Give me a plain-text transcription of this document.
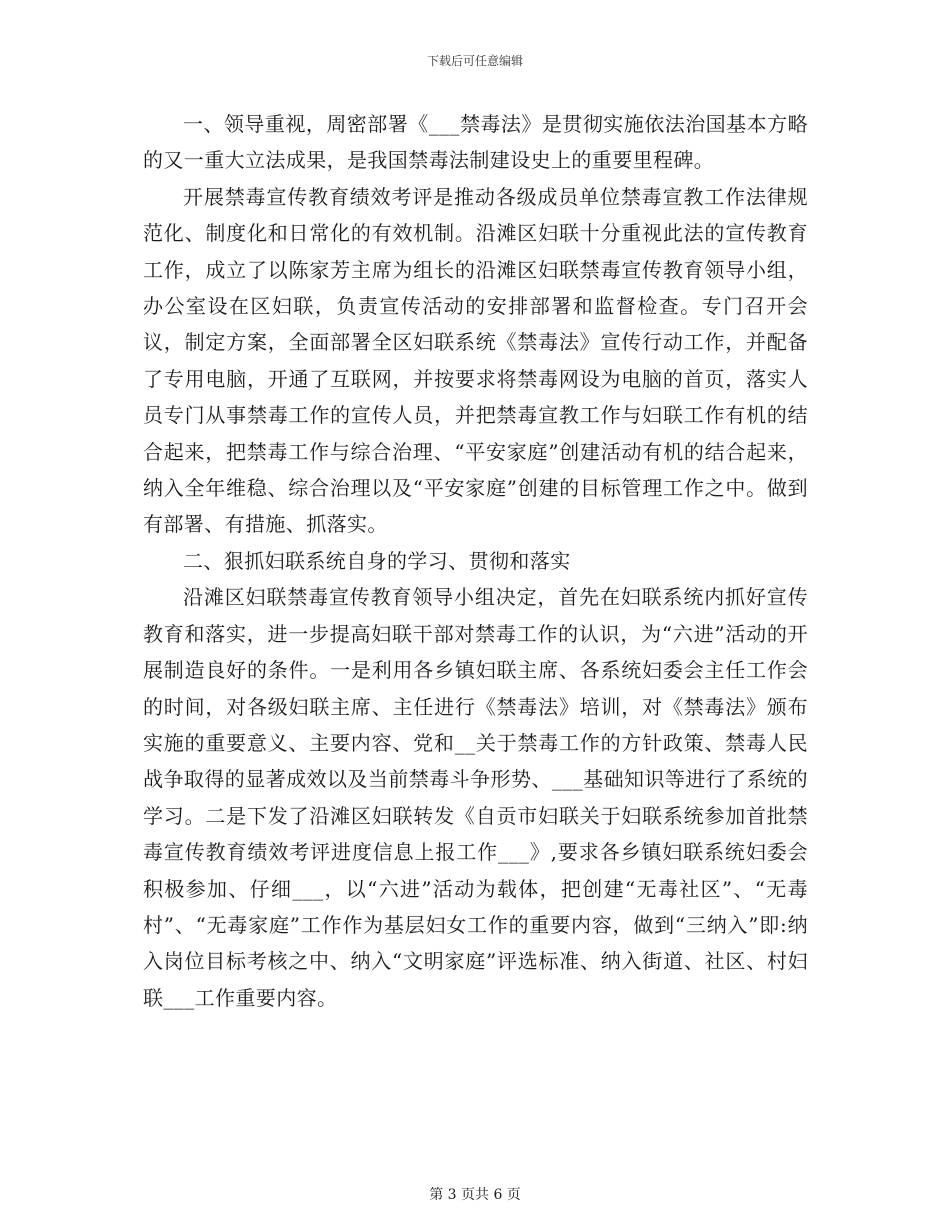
下载后可任意编辑

一、领导重视，周密部署《___禁毒法》是贯彻实施依法治国基本方略的又一重大立法成果，是我国禁毒法制建设史上的重要里程碑。

开展禁毒宣传教育绩效考评是推动各级成员单位禁毒宣教工作法律规范化、制度化和日常化的有效机制。沿滩区妇联十分重视此法的宣传教育工作，成立了以陈家芳主席为组长的沿滩区妇联禁毒宣传教育领导小组，办公室设在区妇联，负责宣传活动的安排部署和监督检查。专门召开会议，制定方案，全面部署全区妇联系统《禁毒法》宣传行动工作，并配备了专用电脑，开通了互联网，并按要求将禁毒网设为电脑的首页，落实人员专门从事禁毒工作的宣传人员，并把禁毒宣教工作与妇联工作有机的结合起来，把禁毒工作与综合治理、“平安家庭”创建活动有机的结合起来，纳入全年维稳、综合治理以及“平安家庭”创建的目标管理工作之中。做到有部署、有措施、抓落实。

二、狠抓妇联系统自身的学习、贯彻和落实

沿滩区妇联禁毒宣传教育领导小组决定，首先在妇联系统内抓好宣传教育和落实，进一步提高妇联干部对禁毒工作的认识，为“六进”活动的开展制造良好的条件。一是利用各乡镇妇联主席、各系统妇委会主任工作会的时间，对各级妇联主席、主任进行《禁毒法》培训，对《禁毒法》颁布实施的重要意义、主要内容、党和__关于禁毒工作的方针政策、禁毒人民战争取得的显著成效以及当前禁毒斗争形势、___基础知识等进行了系统的学习。二是下发了沿滩区妇联转发《自贡市妇联关于妇联系统参加首批禁毒宣传教育绩效考评进度信息上报工作___》,要求各乡镇妇联系统妇委会积极参加、仔细___，以“六进”活动为载体，把创建“无毒社区”、“无毒村”、“无毒家庭”工作作为基层妇女工作的重要内容，做到“三纳入”即:纳入岗位目标考核之中、纳入“文明家庭”评选标准、纳入街道、社区、村妇联___工作重要内容。

第 3 页共 6 页
